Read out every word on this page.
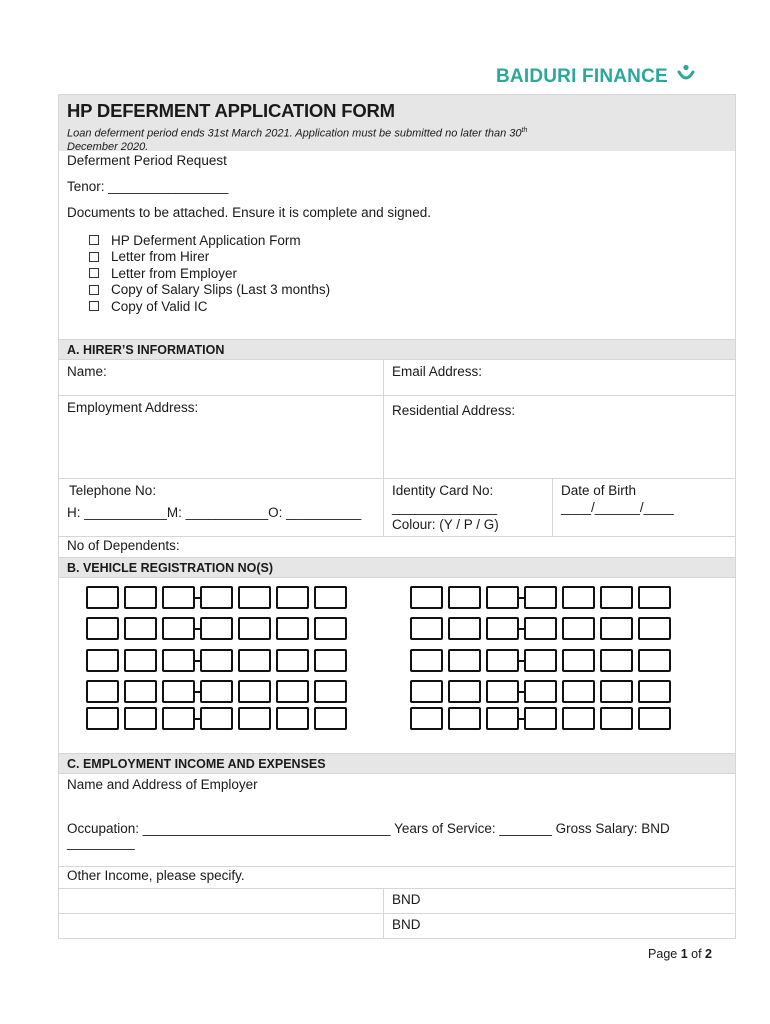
BAIDURI FINANCE
HP DEFERMENT APPLICATION FORM
Loan deferment period ends 31st March 2021. Application must be submitted no later than 30th
December 2020.
Deferment Period Request
Tenor: ________________
Documents to be attached. Ensure it is complete and signed.
HP Deferment Application Form
Letter from Hirer
Letter from Employer
Copy of Salary Slips (Last 3 months)
Copy of Valid IC
A. HIRER’S INFORMATION
Name:	Email Address:
Employment Address:	Residential Address:
Telephone No:
H: ___________M: ___________O: __________
Identity Card No:
______________
Colour: (Y / P / G)
Date of Birth
____/______/____
No of Dependents:
B. VEHICLE REGISTRATION NO(S)
C. EMPLOYMENT INCOME AND EXPENSES
Name and Address of Employer
Occupation: _________________________________ Years of Service: _______ Gross Salary: BND
_________
Other Income, please specify.
BND
BND
Page 1 of 2
